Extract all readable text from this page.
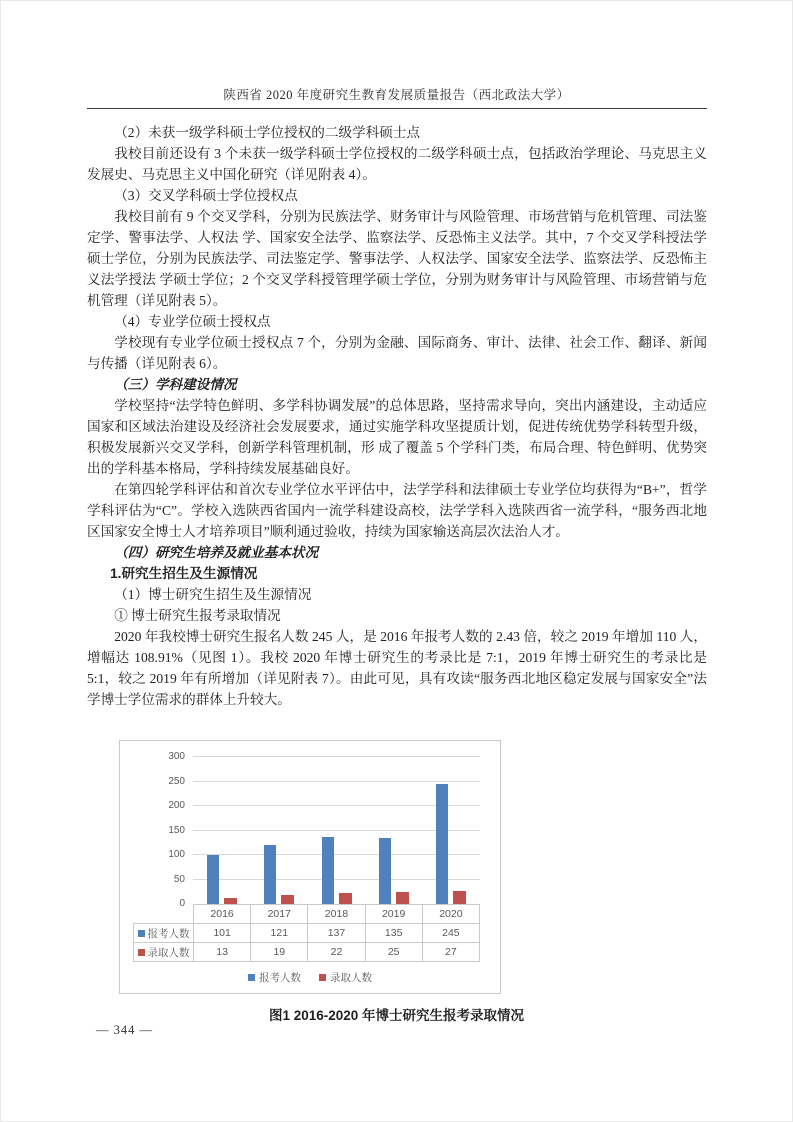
陕西省 2020 年度研究生教育发展质量报告（西北政法大学）

（2）未获一级学科硕士学位授权的二级学科硕士点

我校目前还设有 3 个未获一级学科硕士学位授权的二级学科硕士点，包括政治学理论、马克思主义发展史、马克思主义中国化研究（详见附表 4）。

（3）交叉学科硕士学位授权点

我校目前有 9 个交叉学科，分别为民族法学、财务审计与风险管理、市场营销与危机管理、司法鉴定学、警事法学、人权法 学、国家安全法学、监察法学、反恐怖主义法学。其中，7 个交叉学科授法学硕士学位，分别为民族法学、司法鉴定学、警事法学、人权法学、国家安全法学、监察法学、反恐怖主义法学授法 学硕士学位；2 个交叉学科授管理学硕士学位，分别为财务审计与风险管理、市场营销与危机管理（详见附表 5）。

（4）专业学位硕士授权点

学校现有专业学位硕士授权点 7 个，分别为金融、国际商务、审计、法律、社会工作、翻译、新闻与传播（详见附表 6）。

（三）学科建设情况

学校坚持“法学特色鲜明、多学科协调发展”的总体思路，坚持需求导向，突出内涵建设，主动适应国家和区域法治建设及经济社会发展要求，通过实施学科攻坚提质计划，促进传统优势学科转型升级，积极发展新兴交叉学科，创新学科管理机制，形 成了覆盖 5 个学科门类，布局合理、特色鲜明、优势突出的学科基本格局，学科持续发展基础良好。

在第四轮学科评估和首次专业学位水平评估中，法学学科和法律硕士专业学位均获得为“B+”，哲学学科评估为“C”。学校入选陕西省国内一流学科建设高校，法学学科入选陕西省一流学科，“服务西北地区国家安全博士人才培养项目”顺利通过验收，持续为国家输送高层次法治人才。

（四）研究生培养及就业基本状况

1.研究生招生及生源情况

（1）博士研究生招生及生源情况

① 博士研究生报考录取情况

2020 年我校博士研究生报名人数 245 人，是 2016 年报考人数的 2.43 倍，较之 2019 年增加 110 人，增幅达 108.91%（见图 1）。我校 2020 年博士研究生的考录比是 7:1，2019 年博士研究生的考录比是 5:1，较之 2019 年有所增加（详见附表 7）。由此可见，具有攻读“服务西北地区稳定发展与国家安全”法学博士学位需求的群体上升较大。

0
50
100
150
200
250
300
	2016	2017	2018	2019	2020

报考人数	101	121	137	135	245

录取人数	13	19	22	25	27
报考人数	录取人数
图1 2016-2020 年博士研究生报考录取情况
— 344 —
